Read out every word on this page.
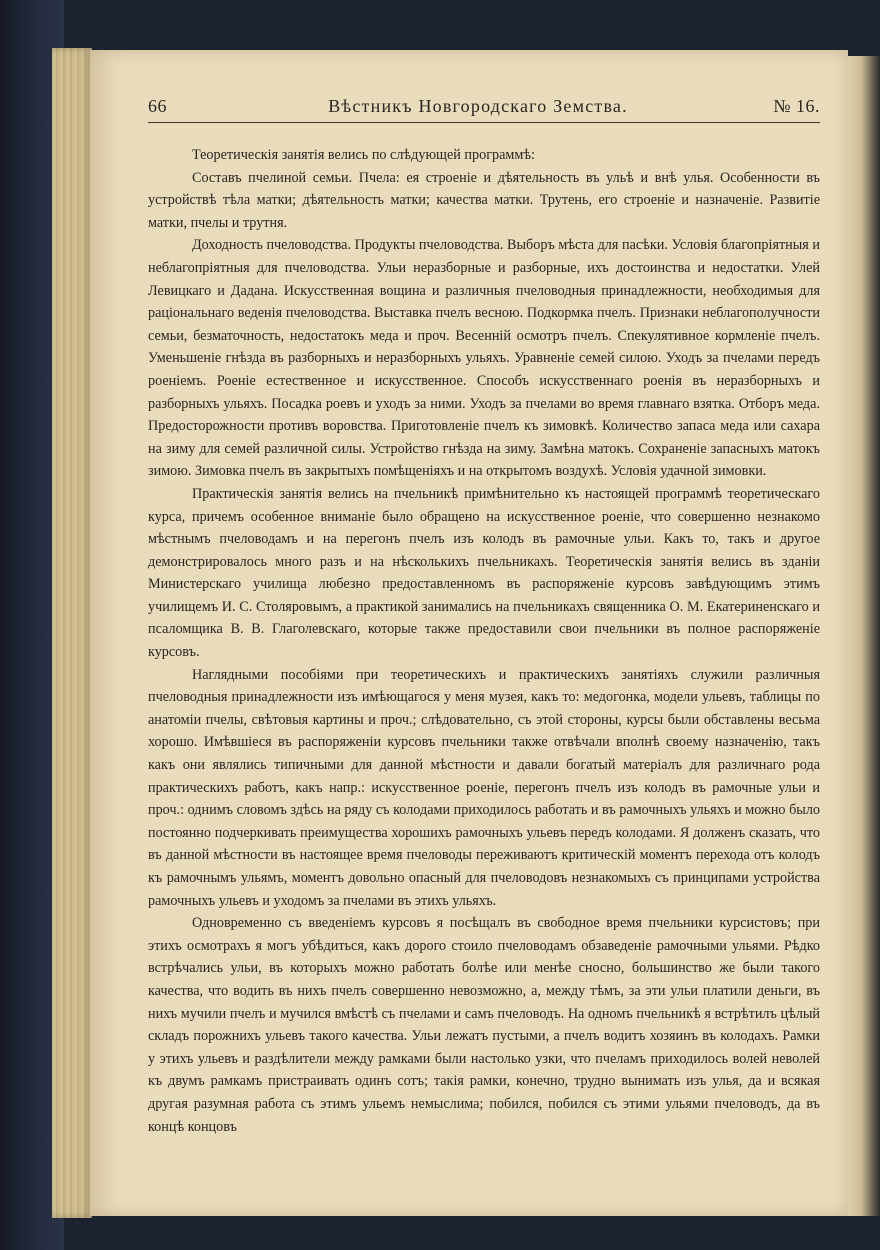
66	Вѣстникъ Новгородскаго Земства.	№ 16.

Теоретическія занятія велись по слѣдующей программѣ:

Составъ пчелиной семьи. Пчела: ея строеніе и дѣятельность въ ульѣ и внѣ улья. Особенности въ устройствѣ тѣла матки; дѣятельность матки; качества матки. Трутень, его строеніе и назначеніе. Развитіе матки, пчелы и трутня.

Доходность пчеловодства. Продукты пчеловодства. Выборъ мѣста для пасѣки. Условія благопріятныя и неблагопріятныя для пчеловодства. Ульи неразборные и разборные, ихъ достоинства и недостатки. Улей Левицкаго и Дадана. Искусственная вощина и различныя пчеловодныя принадлежности, необходимыя для раціональнаго веденія пчеловодства. Выставка пчелъ весною. Подкормка пчелъ. Признаки неблагополучности семьи, безматочность, недостатокъ меда и проч. Весенній осмотръ пчелъ. Спекулятивное кормленіе пчелъ. Уменьшеніе гнѣзда въ разборныхъ и неразборныхъ ульяхъ. Уравненіе семей силою. Уходъ за пчелами передъ роеніемъ. Роеніе естественное и искусственное. Способъ искусственнаго роенія въ неразборныхъ и разборныхъ ульяхъ. Посадка роевъ и уходъ за ними. Уходъ за пчелами во время главнаго взятка. Отборъ меда. Предосторожности противъ воровства. Приготовленіе пчелъ къ зимовкѣ. Количество запаса меда или сахара на зиму для семей различной силы. Устройство гнѣзда на зиму. Замѣна матокъ. Сохраненіе запасныхъ матокъ зимою. Зимовка пчелъ въ закрытыхъ помѣщеніяхъ и на открытомъ воздухѣ. Условія удачной зимовки.

Практическія занятія велись на пчельникѣ примѣнительно къ настоящей программѣ теоретическаго курса, причемъ особенное вниманіе было обращено на искусственное роеніе, что совершенно незнакомо мѣстнымъ пчеловодамъ и на перегонъ пчелъ изъ колодъ въ рамочные ульи. Какъ то, такъ и другое демонстрировалось много разъ и на нѣсколькихъ пчельникахъ. Теоретическія занятія велись въ зданіи Министерскаго училища любезно предоставленномъ въ распоряженіе курсовъ завѣдующимъ этимъ училищемъ И. С. Столяровымъ, а практикой занимались на пчельникахъ священника О. М. Екатериненскаго и псаломщика В. В. Глаголевскаго, которые также предоставили свои пчельники въ полное распоряженіе курсовъ.

Наглядными пособіями при теоретическихъ и практическихъ занятіяхъ служили различныя пчеловодныя принадлежности изъ имѣющагося у меня музея, какъ то: медогонка, модели ульевъ, таблицы по анатоміи пчелы, свѣтовыя картины и проч.; слѣдовательно, съ этой стороны, курсы были обставлены весьма хорошо. Имѣвшіеся въ распоряженіи курсовъ пчельники также отвѣчали вполнѣ своему назначенію, такъ какъ они являлись типичными для данной мѣстности и давали богатый матеріалъ для различнаго рода практическихъ работъ, какъ напр.: искусственное роеніе, перегонъ пчелъ изъ колодъ въ рамочные ульи и проч.: однимъ словомъ здѣсь на ряду съ колодами приходилось работать и въ рамочныхъ ульяхъ и можно было постоянно подчеркивать преимущества хорошихъ рамочныхъ ульевъ передъ колодами. Я долженъ сказать, что въ данной мѣстности въ настоящее время пчеловоды переживаютъ критическій моментъ перехода отъ колодъ къ рамочнымъ ульямъ, моментъ довольно опасный для пчеловодовъ незнакомыхъ съ принципами устройства рамочныхъ ульевъ и уходомъ за пчелами въ этихъ ульяхъ.

Одновременно съ введеніемъ курсовъ я посѣщалъ въ свободное время пчельники курсистовъ; при этихъ осмотрахъ я могъ убѣдиться, какъ дорого стоило пчеловодамъ обзаведеніе рамочными ульями. Рѣдко встрѣчались ульи, въ которыхъ можно работать болѣе или менѣе сносно, большинство же были такого качества, что водить въ нихъ пчелъ совершенно невозможно, а, между тѣмъ, за эти ульи платили деньги, въ нихъ мучили пчелъ и мучился вмѣстѣ съ пчелами и самъ пчеловодъ. На одномъ пчельникѣ я встрѣтилъ цѣлый складъ порожнихъ ульевъ такого качества. Ульи лежатъ пустыми, а пчелъ водитъ хозяинъ въ колодахъ. Рамки у этихъ ульевъ и раздѣлители между рамками были настолько узки, что пчеламъ приходилось волей неволей къ двумъ рамкамъ пристраивать одинъ сотъ; такія рамки, конечно, трудно вынимать изъ улья, да и всякая другая разумная работа съ этимъ ульемъ немыслима; побился, побился съ этими ульями пчеловодъ, да въ концѣ концовъ
